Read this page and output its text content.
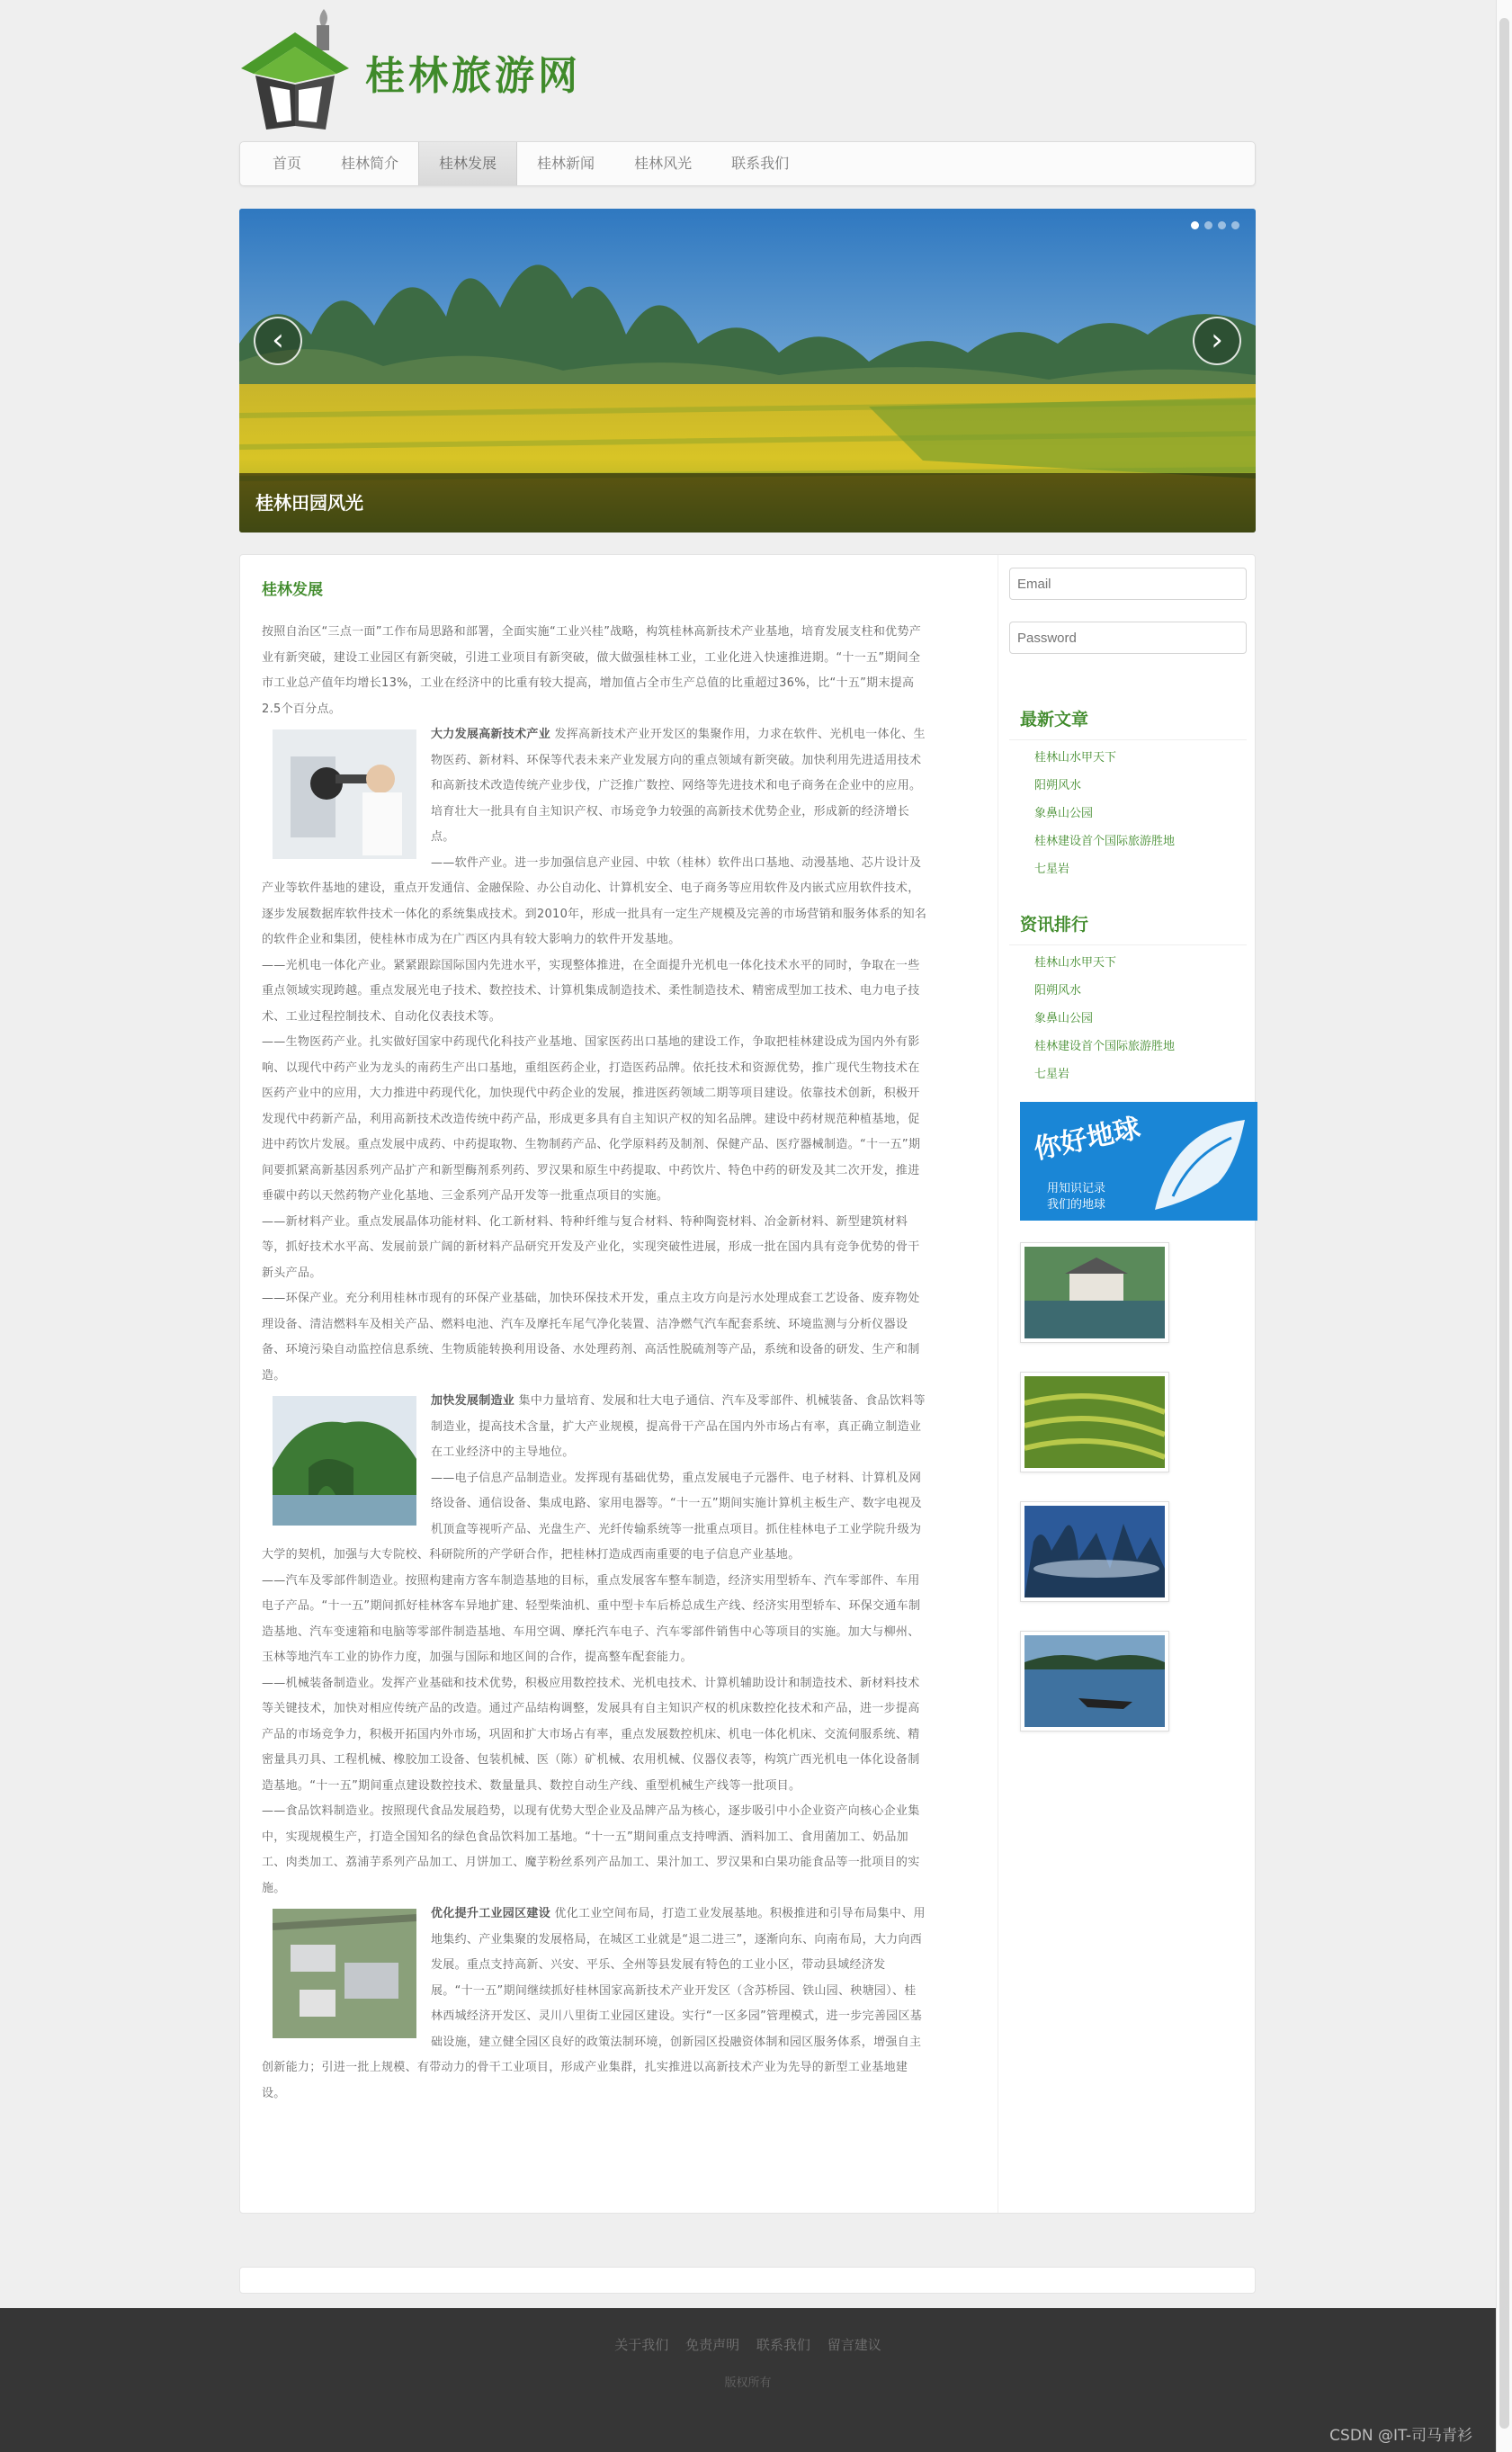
桂林旅游网
首页	桂林简介	桂林发展	桂林新闻	桂林风光	联系我们
‹	›
桂林田园风光
桂林发展

按照自治区“三点一面”工作布局思路和部署，全面实施“工业兴桂”战略，构筑桂林高新技术产业基地，培育发展支柱和优势产业有新突破，建设工业园区有新突破，引进工业项目有新突破，做大做强桂林工业，工业化进入快速推进期。“十一五”期间全市工业总产值年均增长13%，工业在经济中的比重有较大提高，增加值占全市生产总值的比重超过36%，比“十五”期末提高2.5个百分点。

大力发展高新技术产业 发挥高新技术产业开发区的集聚作用，力求在软件、光机电一体化、生物医药、新材料、环保等代表未来产业发展方向的重点领域有新突破。加快利用先进适用技术和高新技术改造传统产业步伐，广泛推广数控、网络等先进技术和电子商务在企业中的应用。培育壮大一批具有自主知识产权、市场竞争力较强的高新技术优势企业，形成新的经济增长点。

——软件产业。进一步加强信息产业园、中软（桂林）软件出口基地、动漫基地、芯片设计及产业等软件基地的建设，重点开发通信、金融保险、办公自动化、计算机安全、电子商务等应用软件及内嵌式应用软件技术，逐步发展数据库软件技术一体化的系统集成技术。到2010年，形成一批具有一定生产规模及完善的市场营销和服务体系的知名的软件企业和集团，使桂林市成为在广西区内具有较大影响力的软件开发基地。

——光机电一体化产业。紧紧跟踪国际国内先进水平，实现整体推进，在全面提升光机电一体化技术水平的同时，争取在一些重点领域实现跨越。重点发展光电子技术、数控技术、计算机集成制造技术、柔性制造技术、精密成型加工技术、电力电子技术、工业过程控制技术、自动化仪表技术等。

——生物医药产业。扎实做好国家中药现代化科技产业基地、国家医药出口基地的建设工作，争取把桂林建设成为国内外有影响、以现代中药产业为龙头的南药生产出口基地，重组医药企业，打造医药品牌。依托技术和资源优势，推广现代生物技术在医药产业中的应用，大力推进中药现代化，加快现代中药企业的发展，推进医药领域二期等项目建设。依靠技术创新，积极开发现代中药新产品，利用高新技术改造传统中药产品，形成更多具有自主知识产权的知名品牌。建设中药材规范种植基地，促进中药饮片发展。重点发展中成药、中药提取物、生物制药产品、化学原料药及制剂、保健产品、医疗器械制造。“十一五”期间要抓紧高新基因系列产品扩产和新型酶剂系列药、罗汉果和原生中药提取、中药饮片、特色中药的研发及其二次开发，推进垂碳中药以天然药物产业化基地、三金系列产品开发等一批重点项目的实施。

——新材料产业。重点发展晶体功能材料、化工新材料、特种纤维与复合材料、特种陶瓷材料、冶金新材料、新型建筑材料等，抓好技术水平高、发展前景广阔的新材料产品研究开发及产业化，实现突破性进展，形成一批在国内具有竞争优势的骨干新头产品。

——环保产业。充分利用桂林市现有的环保产业基础，加快环保技术开发，重点主攻方向是污水处理成套工艺设备、废弃物处理设备、清洁燃料车及相关产品、燃料电池、汽车及摩托车尾气净化装置、洁净燃气汽车配套系统、环境监测与分析仪器设备、环境污染自动监控信息系统、生物质能转换利用设备、水处理药剂、高活性脱硫剂等产品，系统和设备的研发、生产和制造。

加快发展制造业 集中力量培育、发展和壮大电子通信、汽车及零部件、机械装备、食品饮料等制造业，提高技术含量，扩大产业规模，提高骨干产品在国内外市场占有率，真正确立制造业在工业经济中的主导地位。

——电子信息产品制造业。发挥现有基础优势，重点发展电子元器件、电子材料、计算机及网络设备、通信设备、集成电路、家用电器等。“十一五”期间实施计算机主板生产、数字电视及机顶盒等视听产品、光盘生产、光纤传输系统等一批重点项目。抓住桂林电子工业学院升级为大学的契机，加强与大专院校、科研院所的产学研合作，把桂林打造成西南重要的电子信息产业基地。

——汽车及零部件制造业。按照构建南方客车制造基地的目标，重点发展客车整车制造，经济实用型轿车、汽车零部件、车用电子产品。“十一五”期间抓好桂林客车异地扩建、轻型柴油机、重中型卡车后桥总成生产线、经济实用型轿车、环保交通车制造基地、汽车变速箱和电脑等零部件制造基地、车用空调、摩托汽车电子、汽车零部件销售中心等项目的实施。加大与柳州、玉林等地汽车工业的协作力度，加强与国际和地区间的合作，提高整车配套能力。

——机械装备制造业。发挥产业基础和技术优势，积极应用数控技术、光机电技术、计算机辅助设计和制造技术、新材料技术等关键技术，加快对相应传统产品的改造。通过产品结构调整，发展具有自主知识产权的机床数控化技术和产品，进一步提高产品的市场竞争力，积极开拓国内外市场，巩固和扩大市场占有率，重点发展数控机床、机电一体化机床、交流伺服系统、精密量具刃具、工程机械、橡胶加工设备、包装机械、医（陈）矿机械、农用机械、仪器仪表等，构筑广西光机电一体化设备制造基地。“十一五”期间重点建设数控技术、数量量具、数控自动生产线、重型机械生产线等一批项目。

——食品饮料制造业。按照现代食品发展趋势，以现有优势大型企业及品牌产品为核心，逐步吸引中小企业资产向核心企业集中，实现规模生产，打造全国知名的绿色食品饮料加工基地。“十一五”期间重点支持啤酒、酒料加工、食用菌加工、奶品加工、肉类加工、荔浦芋系列产品加工、月饼加工、魔芋粉丝系列产品加工、果汁加工、罗汉果和白果功能食品等一批项目的实施。

优化提升工业园区建设 优化工业空间布局，打造工业发展基地。积极推进和引导布局集中、用地集约、产业集聚的发展格局，在城区工业就是“退二进三”，逐渐向东、向南布局，大力向西发展。重点支持高新、兴安、平乐、全州等县发展有特色的工业小区，带动县域经济发展。“十一五”期间继续抓好桂林国家高新技术产业开发区（含苏桥园、铁山园、秧塘园）、桂林西城经济开发区、灵川八里街工业园区建设。实行“一区多园”管理模式，进一步完善园区基础设施，建立健全园区良好的政策法制环境，创新园区投融资体制和园区服务体系，增强自主创新能力；引进一批上规模、有带动力的骨干工业项目，形成产业集群，扎实推进以高新技术产业为先导的新型工业基地建设。

Email
Password
最新文章
桂林山水甲天下
阳朔风水
象鼻山公园
桂林建设首个国际旅游胜地
七星岩
资讯排行
桂林山水甲天下
阳朔风水
象鼻山公园
桂林建设首个国际旅游胜地
七星岩
你好地球
用知识记录
我们的地球
关于我们 免责声明 联系我们 留言建议
版权所有
CSDN @IT-司马青衫
